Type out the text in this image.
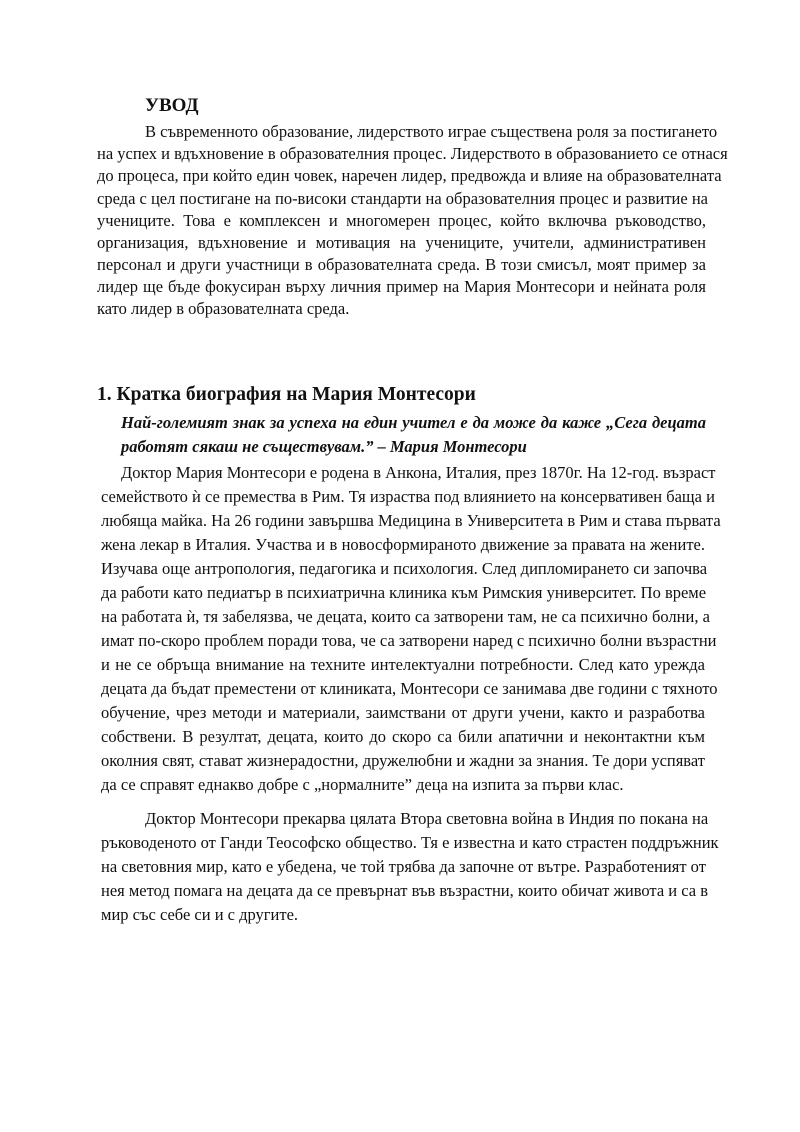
УВОД
В съвременното образование, лидерството играе съществена роля за постигането
на успех и вдъхновение в образователния процес. Лидерството в образованието се отнася
до процеса, при който един човек, наречен лидер, предвожда и влияе на образователната
среда с цел постигане на по-високи стандарти на образователния процес и развитие на
учениците. Това е комплексен и многомерен процес, който включва ръководство,
организация, вдъхновение и мотивация на учениците, учители, административен
персонал и други участници в образователната среда. В този смисъл, моят пример за
лидер ще бъде фокусиран върху личния пример на Мария Монтесори и нейната роля
като лидер в образователната среда.
1. Кратка биография на Мария Монтесори
Най-големият знак за успеха на един учител е да може да каже „Сега децата
работят сякаш не съществувам.” – Мария Монтесори
Доктор Мария Монтесори е родена в Анкона, Италия, през 1870г. На 12-год. възраст
семейството ѝ се премества в Рим. Тя израства под влиянието на консервативен баща и
любяща майка. На 26 години завършва Медицина в Университета в Рим и става първата
жена лекар в Италия. Участва и в новосформираното движение за правата на жените.
Изучава още антропология, педагогика и психология. След дипломирането си започва
да работи като педиатър в психиатрична клиника към Римския университет. По време
на работата ѝ, тя забелязва, че децата, които са затворени там, не са психично болни, а
имат по-скоро проблем поради това, че са затворени наред с психично болни възрастни
и не се обръща внимание на техните интелектуални потребности. След като урежда
децата да бъдат преместени от клиниката, Монтесори се занимава две години с тяхното
обучение, чрез методи и материали, заимствани от други учени, както и разработва
собствени. В резултат, децата, които до скоро са били апатични и неконтактни към
околния свят, стават жизнерадостни, дружелюбни и жадни за знания. Те дори успяват
да се справят еднакво добре с „нормалните” деца на изпита за първи клас.
Доктор Монтесори прекарва цялата Втора световна война в Индия по покана на
ръководеното от Ганди Теософско общество. Тя е известна и като страстен поддръжник
на световния мир, като е убедена, че той трябва да започне от вътре. Разработеният от
нея метод помага на децата да се превърнат във възрастни, които обичат живота и са в
мир със себе си и с другите.
